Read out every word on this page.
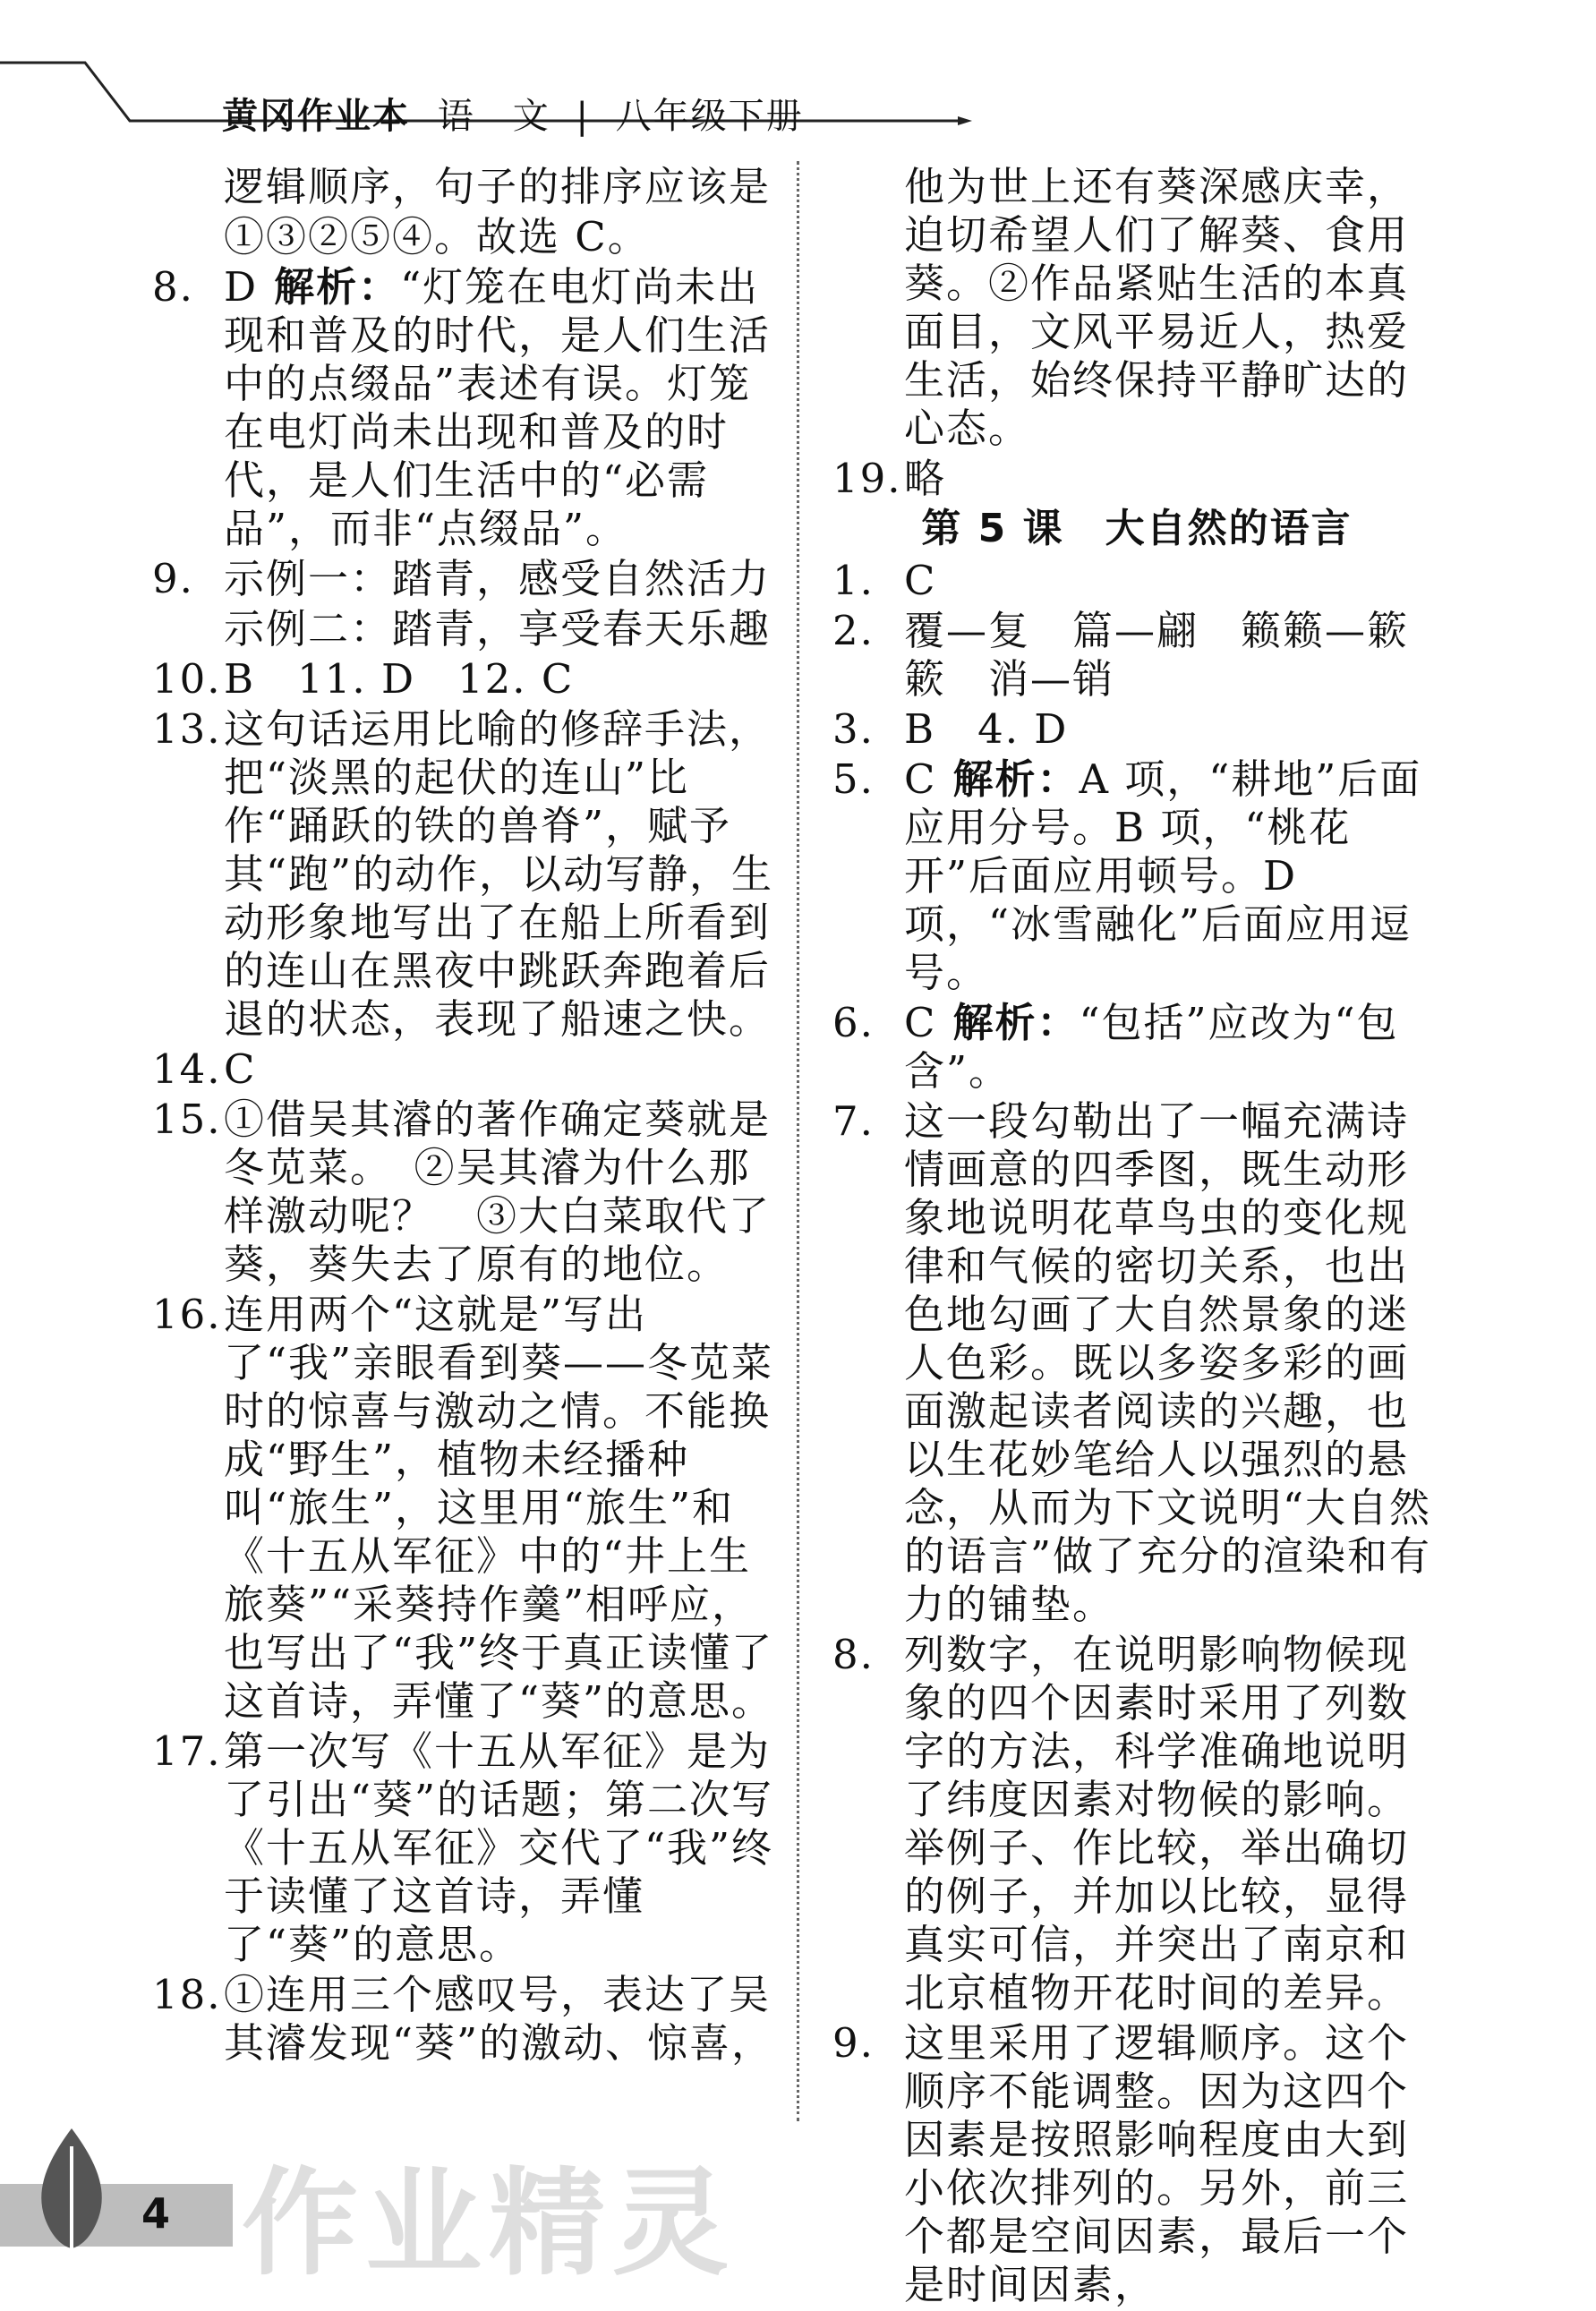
黄冈作业本 语　文 | 八年级下册
逻辑顺序，句子的排序应该是
①③②⑤④。故选 C。
8. D 解析：“灯笼在电灯尚未出现和普及的时代，是人们生活中的点缀品”表述有误。灯笼在电灯尚未出现和普及的时代，是人们生活中的“必需品”，而非“点缀品”。
9. 示例一：踏青，感受自然活力
示例二：踏青，享受春天乐趣
10. B　11. D　12. C
13. 这句话运用比喻的修辞手法，把“淡黑的起伏的连山”比作“踊跃的铁的兽脊”，赋予其“跑”的动作，以动写静，生动形象地写出了在船上所看到的连山在黑夜中跳跃奔跑着后退的状态，表现了船速之快。
14. C
15. ①借吴其濬的著作确定葵就是冬苋菜。　②吴其濬为什么那样激动呢？　③大白菜取代了葵，葵失去了原有的地位。
16. 连用两个“这就是”写出了“我”亲眼看到葵——冬苋菜时的惊喜与激动之情。不能换成“野生”，植物未经播种叫“旅生”，这里用“旅生”和《十五从军征》中的“井上生旅葵”“采葵持作羹”相呼应，也写出了“我”终于真正读懂了这首诗，弄懂了“葵”的意思。
17. 第一次写《十五从军征》是为了引出“葵”的话题；第二次写《十五从军征》交代了“我”终于读懂了这首诗，弄懂了“葵”的意思。
18. ①连用三个感叹号，表达了吴其濬发现“葵”的激动、惊喜，
他为世上还有葵深感庆幸，迫切希望人们了解葵、食用葵。②作品紧贴生活的本真面目，文风平易近人，热爱生活，始终保持平静旷达的心态。
19. 略
第 5 课　大自然的语言
1. C
2. 覆—复　篇—翩　籁籁—簌簌　消—销
3. B　4. D
5. C 解析：A 项，“耕地”后面应用分号。B 项，“桃花开”后面应用顿号。D 项，“冰雪融化”后面应用逗号。
6. C 解析：“包括”应改为“包含”。
7. 这一段勾勒出了一幅充满诗情画意的四季图，既生动形象地说明花草鸟虫的变化规律和气候的密切关系，也出色地勾画了大自然景象的迷人色彩。既以多姿多彩的画面激起读者阅读的兴趣，也以生花妙笔给人以强烈的悬念，从而为下文说明“大自然的语言”做了充分的渲染和有力的铺垫。
8. 列数字，在说明影响物候现象的四个因素时采用了列数字的方法，科学准确地说明了纬度因素对物候的影响。举例子、作比较，举出确切的例子，并加以比较，显得真实可信，并突出了南京和北京植物开花时间的差异。
9. 这里采用了逻辑顺序。这个顺序不能调整。因为这四个因素是按照影响程度由大到小依次排列的。另外，前三个都是空间因素，最后一个是时间因素，
4 作业精灵
